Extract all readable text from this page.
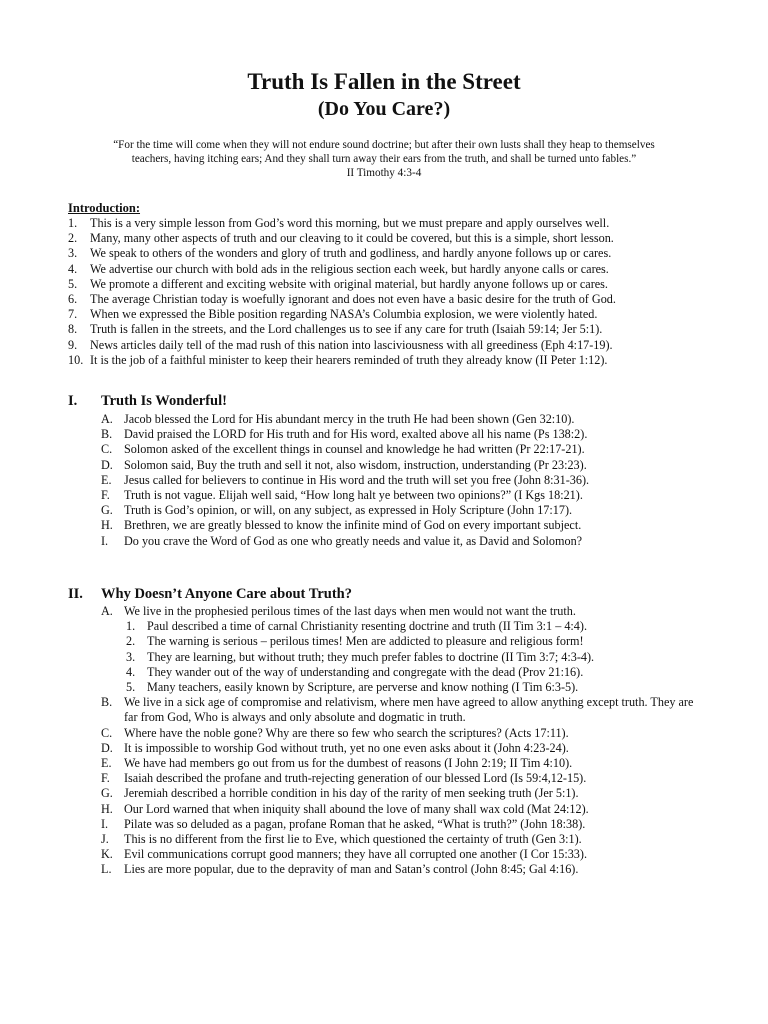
Truth Is Fallen in the Street
(Do You Care?)
“For the time will come when they will not endure sound doctrine; but after their own lusts shall they heap to themselves
teachers, having itching ears; And they shall turn away their ears from the truth, and shall be turned unto fables.”
II Timothy 4:3-4
Introduction:
1.	This is a very simple lesson from God’s word this morning, but we must prepare and apply ourselves well.
2.	Many, many other aspects of truth and our cleaving to it could be covered, but this is a simple, short lesson.
3.	We speak to others of the wonders and glory of truth and godliness, and hardly anyone follows up or cares.
4.	We advertise our church with bold ads in the religious section each week, but hardly anyone calls or cares.
5.	We promote a different and exciting website with original material, but hardly anyone follows up or cares.
6.	The average Christian today is woefully ignorant and does not even have a basic desire for the truth of God.
7.	When we expressed the Bible position regarding NASA’s Columbia explosion, we were violently hated.
8.	Truth is fallen in the streets, and the Lord challenges us to see if any care for truth (Isaiah 59:14; Jer 5:1).
9.	News articles daily tell of the mad rush of this nation into lasciviousness with all greediness (Eph 4:17-19).
10. It is the job of a faithful minister to keep their hearers reminded of truth they already know (II Peter 1:12).
I.	Truth Is Wonderful!
A. Jacob blessed the Lord for His abundant mercy in the truth He had been shown (Gen 32:10).
B. David praised the LORD for His truth and for His word, exalted above all his name (Ps 138:2).
C. Solomon asked of the excellent things in counsel and knowledge he had written (Pr 22:17-21).
D. Solomon said, Buy the truth and sell it not, also wisdom, instruction, understanding (Pr 23:23).
E.	Jesus called for believers to continue in His word and the truth will set you free (John 8:31-36).
F.	Truth is not vague. Elijah well said, “How long halt ye between two opinions?” (I Kgs 18:21).
G. Truth is God’s opinion, or will, on any subject, as expressed in Holy Scripture (John 17:17).
H. Brethren, we are greatly blessed to know the infinite mind of God on every important subject.
I.	Do you crave the Word of God as one who greatly needs and value it, as David and Solomon?
II.	Why Doesn’t Anyone Care about Truth?
A. We live in the prophesied perilous times of the last days when men would not want the truth.
1. Paul described a time of carnal Christianity resenting doctrine and truth (II Tim 3:1 – 4:4).
2. The warning is serious – perilous times! Men are addicted to pleasure and religious form!
3. They are learning, but without truth; they much prefer fables to doctrine (II Tim 3:7; 4:3-4).
4. They wander out of the way of understanding and congregate with the dead (Prov 21:16).
5. Many teachers, easily known by Scripture, are perverse and know nothing (I Tim 6:3-5).
B. We live in a sick age of compromise and relativism, where men have agreed to allow anything except truth. They are far from God, Who is always and only absolute and dogmatic in truth.
C. Where have the noble gone? Why are there so few who search the scriptures? (Acts 17:11).
D. It is impossible to worship God without truth, yet no one even asks about it (John 4:23-24).
E.	We have had members go out from us for the dumbest of reasons (I John 2:19; II Tim 4:10).
F.	Isaiah described the profane and truth-rejecting generation of our blessed Lord (Is 59:4,12-15).
G. Jeremiah described a horrible condition in his day of the rarity of men seeking truth (Jer 5:1).
H. Our Lord warned that when iniquity shall abound the love of many shall wax cold (Mat 24:12).
I.	Pilate was so deluded as a pagan, profane Roman that he asked, “What is truth?” (John 18:38).
J.	This is no different from the first lie to Eve, which questioned the certainty of truth (Gen 3:1).
K. Evil communications corrupt good manners; they have all corrupted one another (I Cor 15:33).
L.	Lies are more popular, due to the depravity of man and Satan’s control (John 8:45; Gal 4:16).
